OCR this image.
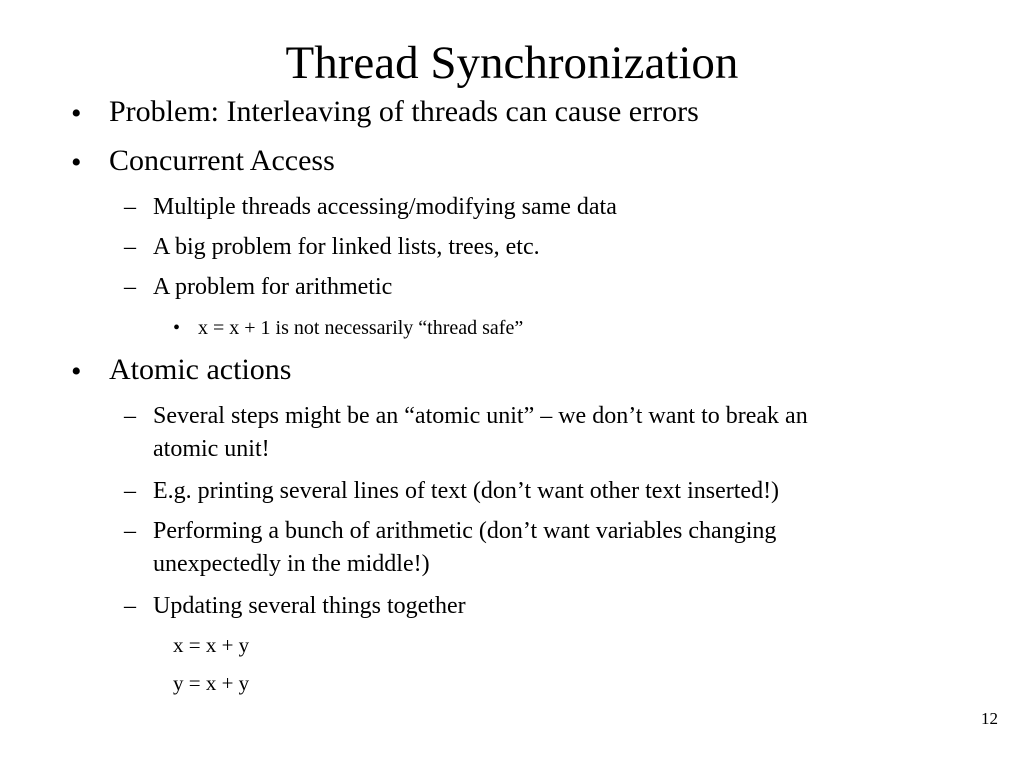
Thread Synchronization
• Problem: Interleaving of threads can cause errors
• Concurrent Access
– Multiple threads accessing/modifying same data
– A big problem for linked lists, trees, etc.
– A problem for arithmetic
• x = x + 1 is not necessarily “thread safe”
• Atomic actions
– Several steps might be an “atomic unit” – we don’t want to break an
atomic unit!
– E.g. printing several lines of text (don’t want other text inserted!)
– Performing a bunch of arithmetic (don’t want variables changing
unexpectedly in the middle!)
– Updating several things together
x = x + y
y = x + y
12
